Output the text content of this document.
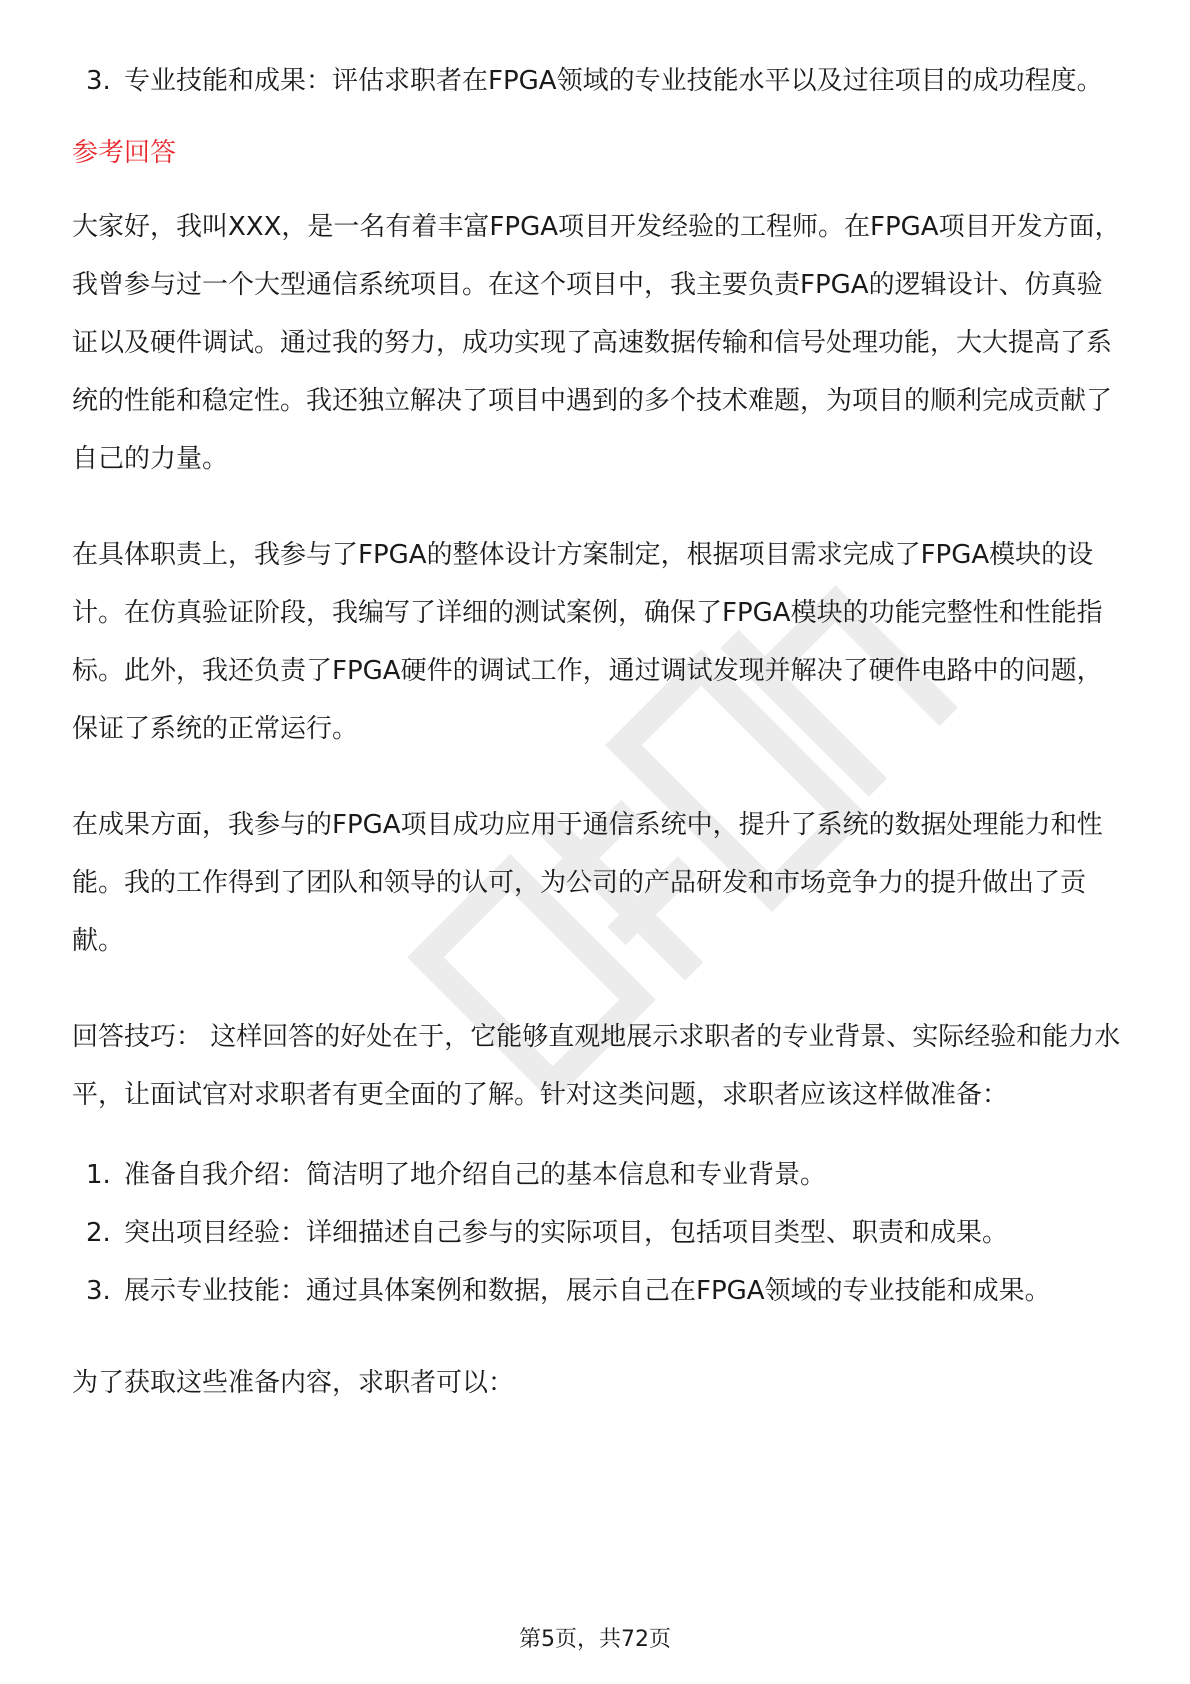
3. 专业技能和成果：评估求职者在FPGA领域的专业技能水平以及过往项目的成功程度。
参考回答

大家好，我叫XXX，是一名有着丰富FPGA项目开发经验的工程师。在FPGA项目开发方面，我曾参与过一个大型通信系统项目。在这个项目中，我主要负责FPGA的逻辑设计、仿真验证以及硬件调试。通过我的努力，成功实现了高速数据传输和信号处理功能，大大提高了系统的性能和稳定性。我还独立解决了项目中遇到的多个技术难题，为项目的顺利完成贡献了自己的力量。

在具体职责上，我参与了FPGA的整体设计方案制定，根据项目需求完成了FPGA模块的设计。在仿真验证阶段，我编写了详细的测试案例，确保了FPGA模块的功能完整性和性能指标。此外，我还负责了FPGA硬件的调试工作，通过调试发现并解决了硬件电路中的问题，保证了系统的正常运行。

在成果方面，我参与的FPGA项目成功应用于通信系统中，提升了系统的数据处理能力和性能。我的工作得到了团队和领导的认可，为公司的产品研发和市场竞争力的提升做出了贡献。

回答技巧： 这样回答的好处在于，它能够直观地展示求职者的专业背景、实际经验和能力水平，让面试官对求职者有更全面的了解。针对这类问题，求职者应该这样做准备：

1. 准备自我介绍：简洁明了地介绍自己的基本信息和专业背景。
2. 突出项目经验：详细描述自己参与的实际项目，包括项目类型、职责和成果。
3. 展示专业技能：通过具体案例和数据，展示自己在FPGA领域的专业技能和成果。

为了获取这些准备内容，求职者可以：

第5页，共72页
